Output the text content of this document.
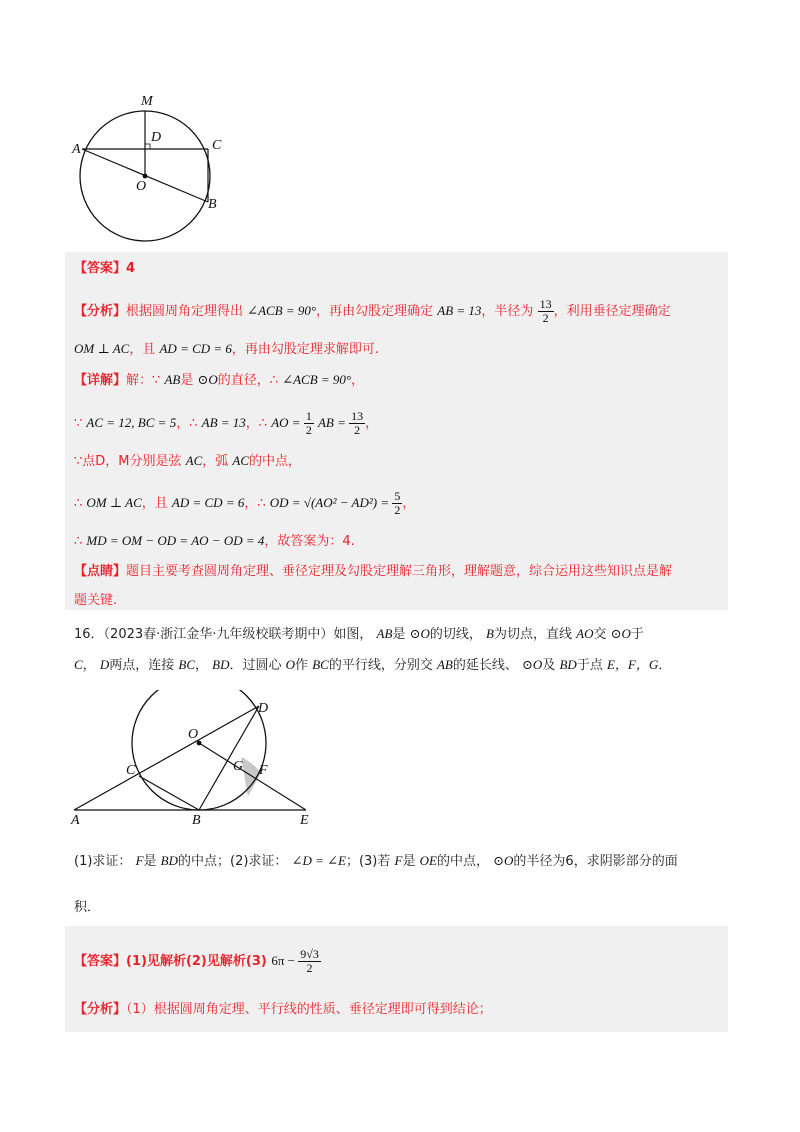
M
D
A	C
O
B
【答案】4
【分析】根据圆周角定理得出 ∠ACB = 90°，再由勾股定理确定 AB = 13，半径为 $\frac{13}{2}$ ，利用垂径定理确定
OM ⊥ AC，且 AD = CD = 6，再由勾股定理求解即可.
【详解】解：∵ AB是 ⊙O的直径，∴ ∠ACB = 90°，
∵ AC = 12, BC = 5，∴ AB = 13，∴ AO = $\frac{1}{2}$ AB = $\frac{13}{2}$ ，
∵点D，M分别是弦 AC，弧 AC的中点，
∴ OM ⊥ AC，且 AD = CD = 6，∴ OD = $√(AO^2 - AD^2) = \frac{5}{2}$ ，
∴ MD = OM − OD = AO − OD = 4，故答案为：4.
【点睛】题目主要考查圆周角定理、垂径定理及勾股定理解三角形，理解题意，综合运用这些知识点是解
题关键.
16．（2023春·浙江金华·九年级校联考期中）如图， AB是 ⊙O的切线， B为切点，直线 AO交 ⊙O于
C， D两点，连接 BC， BD．过圆心 O作 BC的平行线，分别交 AB的延长线、 ⊙O及 BD于点 E，F，G．
O
D
C	G F
A	B	E
(1)求证： F是 BD的中点；(2)求证： ∠D = ∠E；(3)若 F是 OE的中点， ⊙O的半径为6，求阴影部分的面
积．
【答案】(1)见解析(2)见解析(3) $6\pi - \frac{9√3}{2}$
【分析】（1）根据圆周角定理、平行线的性质、垂径定理即可得到结论；
